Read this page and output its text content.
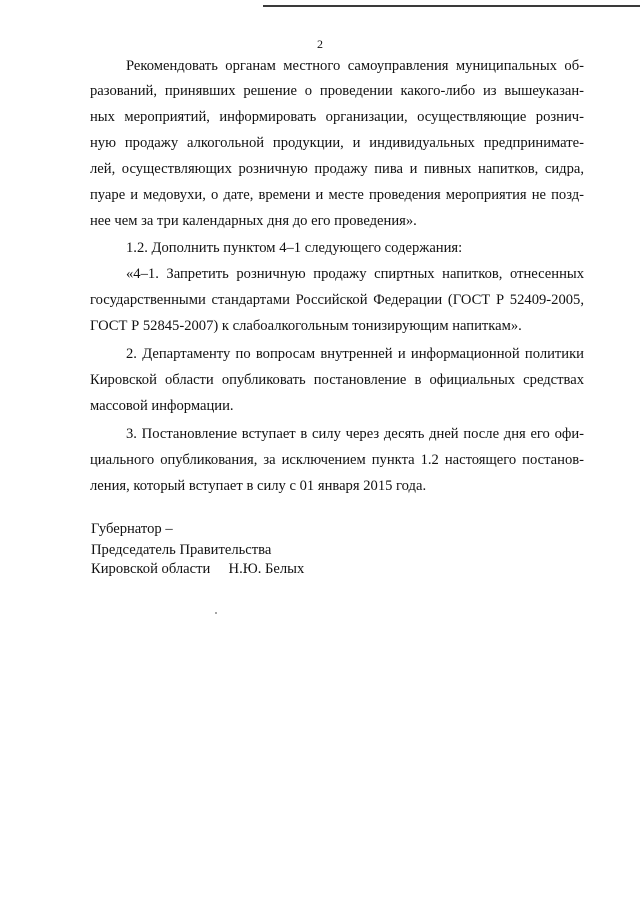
2
Рекомендовать органам местного самоуправления муниципальных об-
разований, принявших решение о проведении какого-либо из вышеуказан-
ных мероприятий, информировать организации, осуществляющие рознич-
ную продажу алкогольной продукции, и индивидуальных предпринимате-
лей, осуществляющих розничную продажу пива и пивных напитков, сидра,
пуаре и медовухи, о дате, времени и месте проведения мероприятия не позд-
нее чем за три календарных дня до его проведения».
1.2. Дополнить пунктом 4–1 следующего содержания:
«4–1. Запретить розничную продажу спиртных напитков, отнесенных
государственными стандартами Российской Федерации (ГОСТ Р 52409-2005,
ГОСТ Р 52845-2007) к слабоалкогольным тонизирующим напиткам».
2. Департаменту по вопросам внутренней и информационной политики
Кировской области опубликовать постановление в официальных средствах
массовой информации.
3. Постановление вступает в силу через десять дней после дня его офи-
циального опубликования, за исключением пункта 1.2 настоящего постанов-
ления, который вступает в силу с 01 января 2015 года.
Губернатор –
Председатель Правительства
Кировской области     Н.Ю. Белых
